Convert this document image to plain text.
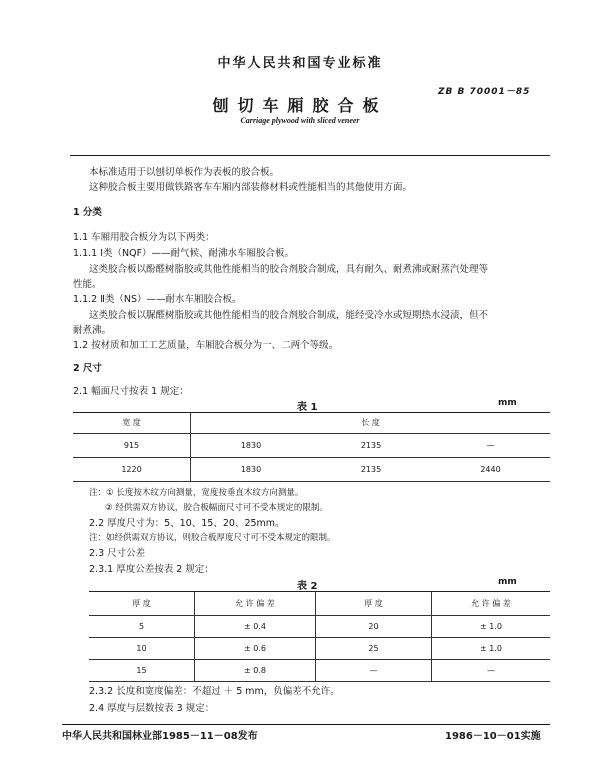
中华人民共和国专业标准
ZB B 70001－85
刨切车厢胶合板
Carriage plywood with sliced veneer
本标准适用于以刨切单板作为表板的胶合板。
这种胶合板主要用做铁路客车车厢内部装修材料或性能相当的其他使用方面。
1 分类
1.1 车厢用胶合板分为以下两类：
1.1.1 Ⅰ类（NQF）——耐气候、耐沸水车厢胶合板。
这类胶合板以酚醛树脂胶或其他性能相当的胶合剂胶合制成，具有耐久、耐煮沸或耐蒸汽处理等
性能。
1.1.2 Ⅱ类（NS）——耐水车厢胶合板。
这类胶合板以脲醛树脂胶或其他性能相当的胶合剂胶合制成，能经受冷水或短期热水浸渍，但不
耐煮沸。
1.2 按材质和加工工艺质量，车厢胶合板分为一、二两个等级。
2 尺寸
2.1 幅面尺寸按表 1 规定：
表 1	mm
宽 度	长 度		
915	1830	2135	—
1220	1830	2135	2440
注：① 长度按木纹方向测量，宽度按垂直木纹方向测量。
② 经供需双方协议，胶合板幅面尺寸可不受本规定的限制。
2.2 厚度尺寸为：5、10、15、20、25mm。
注：如经供需双方协议，则胶合板厚度尺寸可不受本规定的限制。
2.3 尺寸公差
2.3.1 厚度公差按表 2 规定：
表 2	mm
厚 度	允 许 偏 差	厚 度	允 许 偏 差
5	± 0.4	20	± 1.0
10	± 0.6	25	± 1.0
15	± 0.8	—	—
2.3.2 长度和宽度偏差：不超过 ＋ 5 mm，负偏差不允许。
2.4 厚度与层数按表 3 规定：
中华人民共和国林业部1985－11－08发布	1986－10－01实施
